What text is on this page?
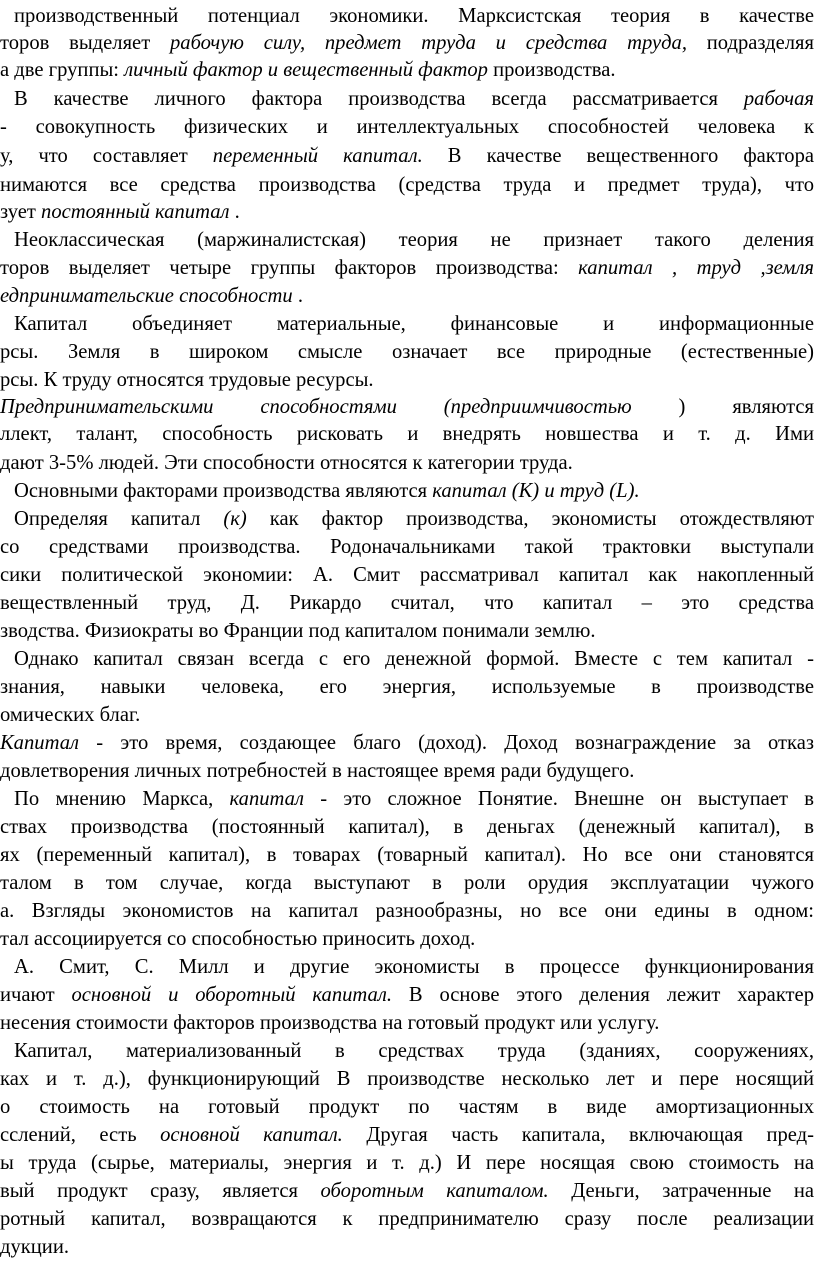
производственный потенциал экономики. Марксистская теория в качестве
торов выделяет рабочую силу, предмет труда и средства труда, подразделяя
а две группы: личный фактор и вещественный фактор производства.
В качестве личного фактора производства всегда рассматривается рабочая
- совокупность физических и интеллектуальных способностей человека к
у, что составляет переменный капитал. В качестве вещественного фактора
нимаются все средства производства (средства труда и предмет труда), что
зует постоянный капитал .
Неоклассическая (маржиналистская) теория не признает такого деления
торов выделяет четыре группы факторов производства: капитал , труд ,земля
едпринимательские способности .
Капитал объединяет материальные, финансовые и информационные
рсы. Земля в широком смысле означает все природные (естественные)
рсы. К труду относятся трудовые ресурсы.
Предпринимательскими способностями (предприимчивостью ) являются
ллект, талант, способность рисковать и внедрять новшества и т. д. Ими
дают 3-5% людей. Эти способности относятся к категории труда.
Основными факторами производства являются капитал (К) и труд (L).
Определяя капитал (к) как фактор производства, экономисты отождествляют
со средствами производства. Родоначальниками такой трактовки выступали
сики политической экономии: А. Смит рассматривал капитал как накопленный
веществленный труд, Д. Рикардо считал, что капитал – это средства
зводства. Физиократы во Франции под капиталом понимали землю.
Однако капитал связан всегда с его денежной формой. Вместе с тем капитал -
знания, навыки человека, его энергия, используемые в производстве
омических благ.
Капитал - это время, создающее благо (доход). Доход вознаграждение за отказ
довлетворения личных потребностей в настоящее время ради будущего.
По мнению Маркса, капитал - это сложное Понятие. Внешне он выступает в
ствах производства (постоянный капитал), в деньгах (денежный капитал), в
ях (переменный капитал), в товарах (товарный капитал). Но все они становятся
талом в том случае, когда выступают в роли орудия эксплуатации чужого
а. Взгляды экономистов на капитал разнообразны, но все они едины в одном:
тал ассоциируется со способностью приносить доход.
А. Смит, С. Милл и другие экономисты в процессе функционирования
ичают основной и оборотный капитал. В основе этого деления лежит характер
несения стоимости факторов производства на готовый продукт или услугу.
Капитал, материализованный в средствах труда (зданиях, сооружениях,
ках и т. д.), функционирующий В производстве несколько лет и пере носящий
о стоимость на готовый продукт по частям в виде амортизационных
сслений, есть основной капитал. Другая часть капитала, включающая пред-
ы труда (сырье, материалы, энергия и т. д.) И пере носящая свою стоимость на
вый продукт сразу, является оборотным капиталом. Деньги, затраченные на
ротный капитал, возвращаются к предпринимателю сразу после реализации
дукции.
